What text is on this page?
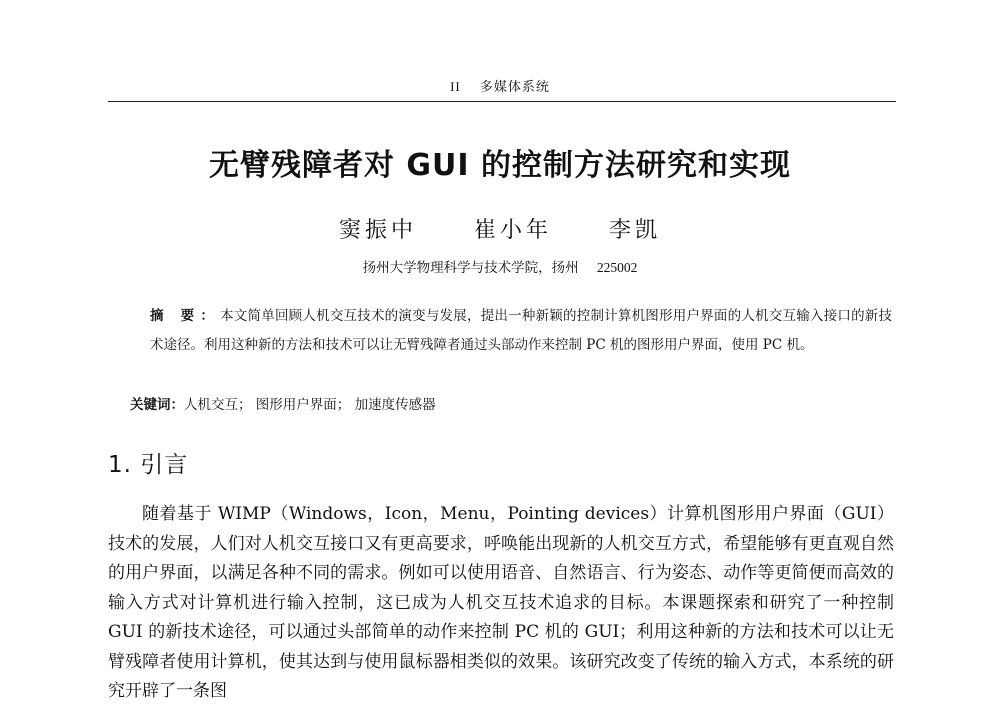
II 多媒体系统
无臂残障者对 GUI 的控制方法研究和实现
窦振中	崔小年	李凯
扬州大学物理科学与技术学院，扬州 225002
摘 要：本文简单回顾人机交互技术的演变与发展，提出一种新颖的控制计算机图形用户界面的人机交互输入接口的新技术途径。利用这种新的方法和技术可以让无臂残障者通过头部动作来控制 PC 机的图形用户界面，使用 PC 机。
关键词：人机交互； 图形用户界面； 加速度传感器
1. 引言
随着基于 WIMP（Windows，Icon，Menu，Pointing devices）计算机图形用户界面（GUI）技术的发展，人们对人机交互接口又有更高要求，呼唤能出现新的人机交互方式，希望能够有更直观自然的用户界面，以满足各种不同的需求。例如可以使用语音、自然语言、行为姿态、动作等更简便而高效的输入方式对计算机进行输入控制，这已成为人机交互技术追求的目标。本课题探索和研究了一种控制 GUI 的新技术途径，可以通过头部简单的动作来控制 PC 机的 GUI；利用这种新的方法和技术可以让无臂残障者使用计算机，使其达到与使用鼠标器相类似的效果。该研究改变了传统的输入方式，本系统的研究开辟了一条图
